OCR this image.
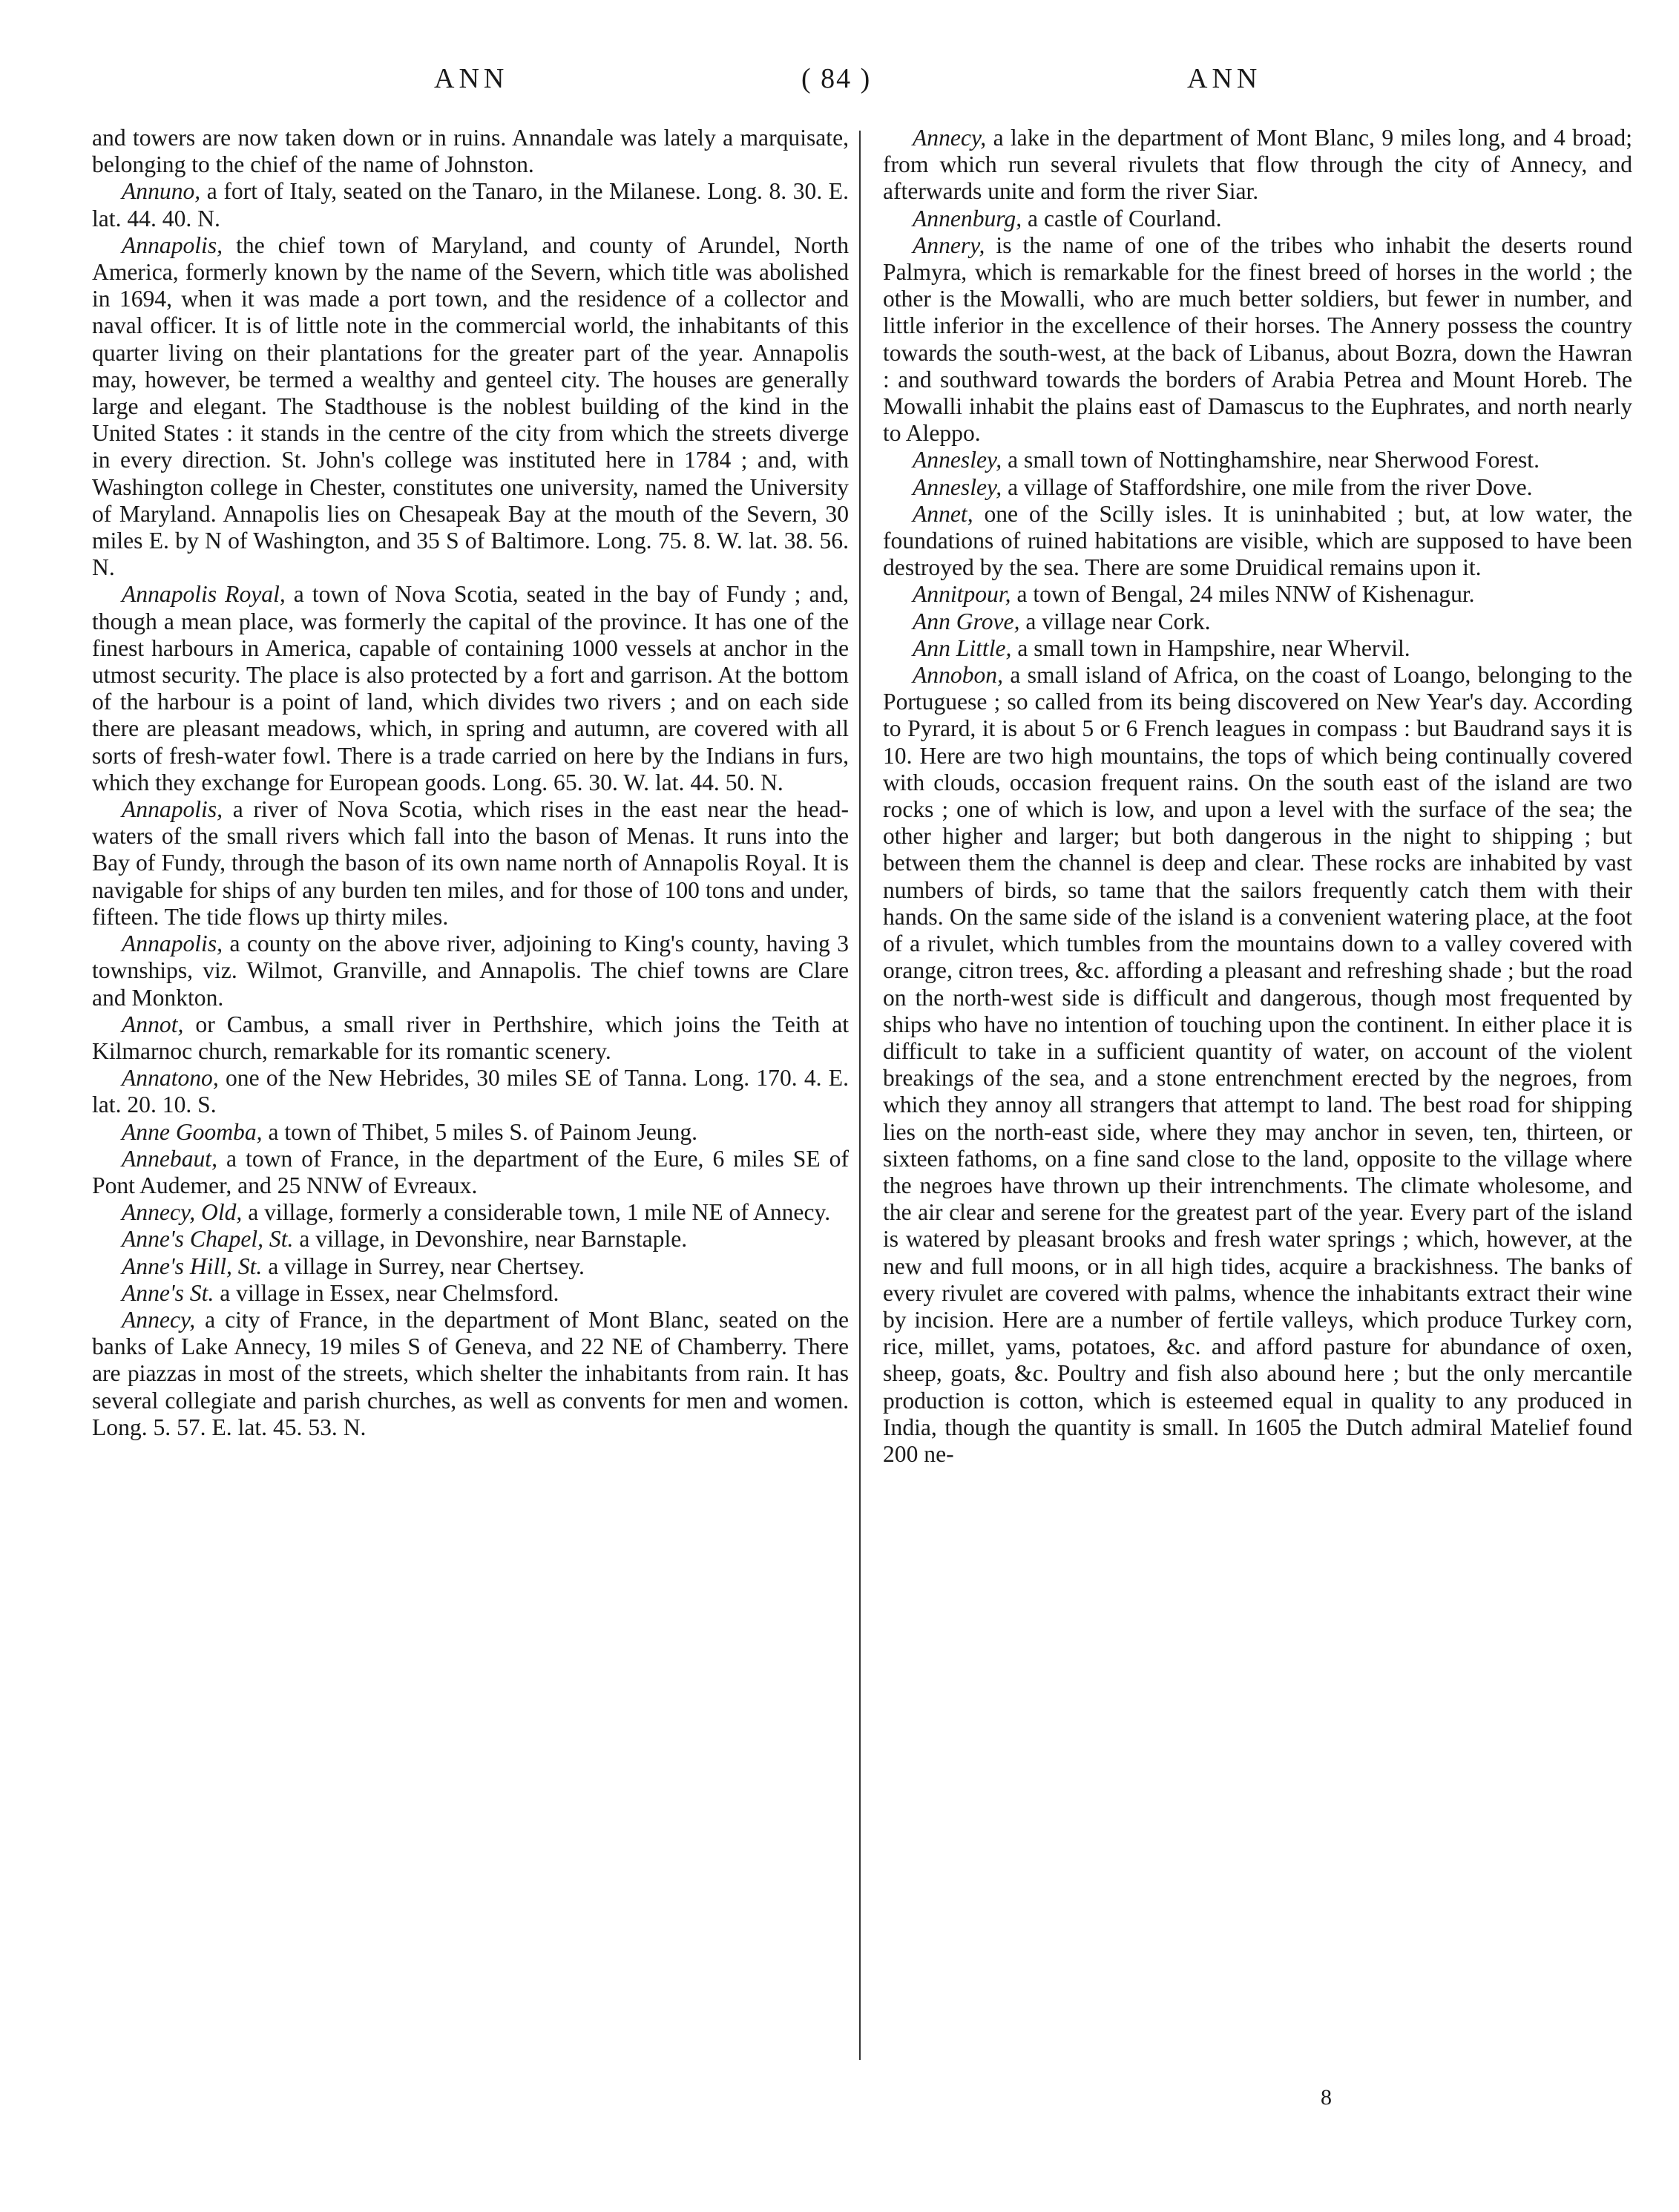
ANN	( 84 )	ANN

and towers are now taken down or in ruins. Annandale was lately a marquisate, belonging to the chief of the name of Johnston.

Annuno, a fort of Italy, seated on the Tanaro, in the Milanese. Long. 8. 30. E. lat. 44. 40. N.

Annapolis, the chief town of Maryland, and county of Arundel, North America, formerly known by the name of the Severn, which title was abolished in 1694, when it was made a port town, and the residence of a collector and naval officer. It is of little note in the commercial world, the inhabitants of this quarter living on their plantations for the greater part of the year. Annapolis may, however, be termed a wealthy and genteel city. The houses are generally large and elegant. The Stadthouse is the noblest building of the kind in the United States : it stands in the centre of the city from which the streets diverge in every direction. St. John's college was instituted here in 1784 ; and, with Washington college in Chester, constitutes one university, named the University of Maryland. Annapolis lies on Chesapeak Bay at the mouth of the Severn, 30 miles E. by N of Washington, and 35 S of Baltimore. Long. 75. 8. W. lat. 38. 56. N.

Annapolis Royal, a town of Nova Scotia, seated in the bay of Fundy ; and, though a mean place, was formerly the capital of the province. It has one of the finest harbours in America, capable of containing 1000 vessels at anchor in the utmost security. The place is also protected by a fort and garrison. At the bottom of the harbour is a point of land, which divides two rivers ; and on each side there are pleasant meadows, which, in spring and autumn, are covered with all sorts of fresh-water fowl. There is a trade carried on here by the Indians in furs, which they exchange for European goods. Long. 65. 30. W. lat. 44. 50. N.

Annapolis, a river of Nova Scotia, which rises in the east near the head-waters of the small rivers which fall into the bason of Menas. It runs into the Bay of Fundy, through the bason of its own name north of Annapolis Royal. It is navigable for ships of any burden ten miles, and for those of 100 tons and under, fifteen. The tide flows up thirty miles.

Annapolis, a county on the above river, adjoining to King's county, having 3 townships, viz. Wilmot, Granville, and Annapolis. The chief towns are Clare and Monkton.

Annot, or Cambus, a small river in Perthshire, which joins the Teith at Kilmarnoc church, remarkable for its romantic scenery.

Annatono, one of the New Hebrides, 30 miles SE of Tanna. Long. 170. 4. E. lat. 20. 10. S.

Anne Goomba, a town of Thibet, 5 miles S. of Painom Jeung.

Annebaut, a town of France, in the department of the Eure, 6 miles SE of Pont Audemer, and 25 NNW of Evreaux.

Annecy, Old, a village, formerly a considerable town, 1 mile NE of Annecy.

Anne's Chapel, St. a village, in Devonshire, near Barnstaple.

Anne's Hill, St. a village in Surrey, near Chertsey.

Anne's St. a village in Essex, near Chelmsford.

Annecy, a city of France, in the department of Mont Blanc, seated on the banks of Lake Annecy, 19 miles S of Geneva, and 22 NE of Chamberry. There are piazzas in most of the streets, which shelter the inhabitants from rain. It has several collegiate and parish churches, as well as convents for men and women. Long. 5. 57. E. lat. 45. 53. N.

Annecy, a lake in the department of Mont Blanc, 9 miles long, and 4 broad; from which run several rivulets that flow through the city of Annecy, and afterwards unite and form the river Siar.

Annenburg, a castle of Courland.

Annery, is the name of one of the tribes who inhabit the deserts round Palmyra, which is remarkable for the finest breed of horses in the world ; the other is the Mowalli, who are much better soldiers, but fewer in number, and little inferior in the excellence of their horses. The Annery possess the country towards the south-west, at the back of Libanus, about Bozra, down the Hawran : and southward towards the borders of Arabia Petrea and Mount Horeb. The Mowalli inhabit the plains east of Damascus to the Euphrates, and north nearly to Aleppo.

Annesley, a small town of Nottinghamshire, near Sherwood Forest.

Annesley, a village of Staffordshire, one mile from the river Dove.

Annet, one of the Scilly isles. It is uninhabited ; but, at low water, the foundations of ruined habitations are visible, which are supposed to have been destroyed by the sea. There are some Druidical remains upon it.

Annitpour, a town of Bengal, 24 miles NNW of Kishenagur.

Ann Grove, a village near Cork.

Ann Little, a small town in Hampshire, near Whervil.

Annobon, a small island of Africa, on the coast of Loango, belonging to the Portuguese ; so called from its being discovered on New Year's day. According to Pyrard, it is about 5 or 6 French leagues in compass : but Baudrand says it is 10. Here are two high mountains, the tops of which being continually covered with clouds, occasion frequent rains. On the south east of the island are two rocks ; one of which is low, and upon a level with the surface of the sea; the other higher and larger; but both dangerous in the night to shipping ; but between them the channel is deep and clear. These rocks are inhabited by vast numbers of birds, so tame that the sailors frequently catch them with their hands. On the same side of the island is a convenient watering place, at the foot of a rivulet, which tumbles from the mountains down to a valley covered with orange, citron trees, &c. affording a pleasant and refreshing shade ; but the road on the north-west side is difficult and dangerous, though most frequented by ships who have no intention of touching upon the continent. In either place it is difficult to take in a sufficient quantity of water, on account of the violent breakings of the sea, and a stone entrenchment erected by the negroes, from which they annoy all strangers that attempt to land. The best road for shipping lies on the north-east side, where they may anchor in seven, ten, thirteen, or sixteen fathoms, on a fine sand close to the land, opposite to the village where the negroes have thrown up their intrenchments. The climate wholesome, and the air clear and serene for the greatest part of the year. Every part of the island is watered by pleasant brooks and fresh water springs ; which, however, at the new and full moons, or in all high tides, acquire a brackishness. The banks of every rivulet are covered with palms, whence the inhabitants extract their wine by incision. Here are a number of fertile valleys, which produce Turkey corn, rice, millet, yams, potatoes, &c. and afford pasture for abundance of oxen, sheep, goats, &c. Poultry and fish also abound here ; but the only mercantile production is cotton, which is esteemed equal in quality to any produced in India, though the quantity is small. In 1605 the Dutch admiral Matelief found 200 ne-

8
